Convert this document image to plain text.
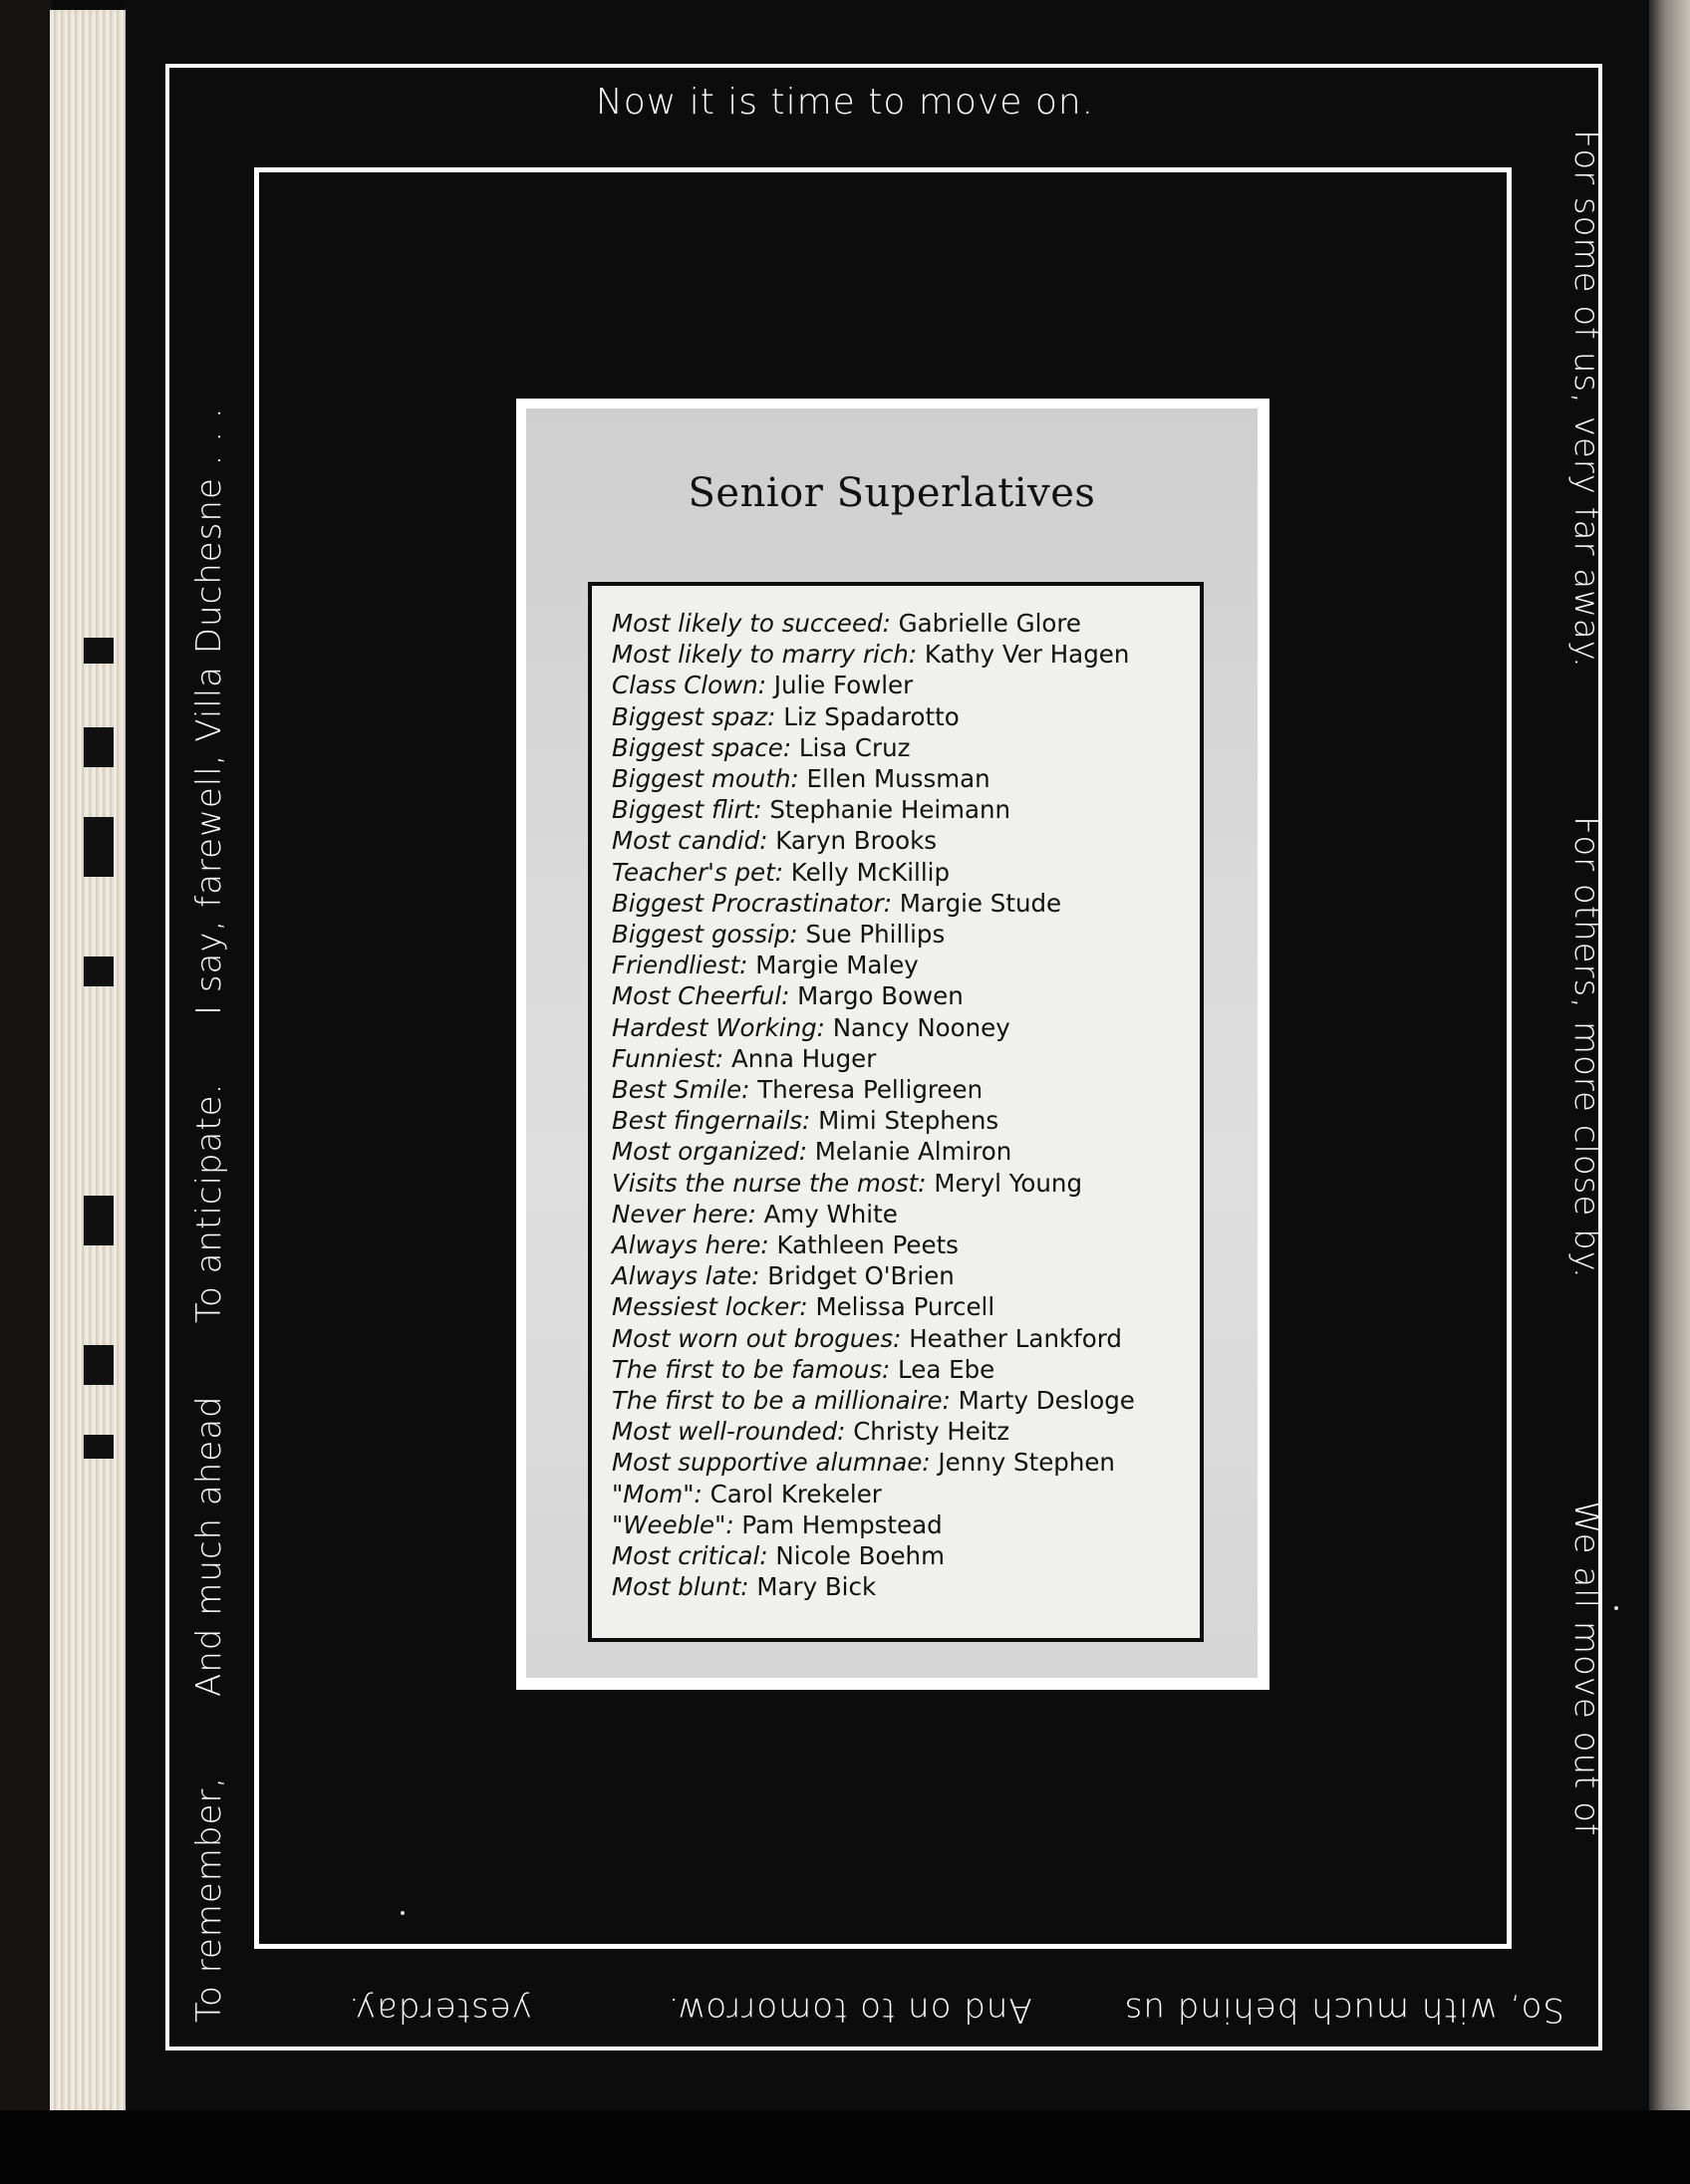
Now it is time to move on.
For some of us, very far away.
For others, more close by.
We all move out of
So, with much behind us
And on to tomorrow.
yesterday.
To remember,
And much ahead
To anticipate.
I say, farewell, Villa Duchesne . . .	Senior Superlatives
Most likely to succeed: Gabrielle Glore
Most likely to marry rich: Kathy Ver Hagen
Class Clown: Julie Fowler
Biggest spaz: Liz Spadarotto
Biggest space: Lisa Cruz
Biggest mouth: Ellen Mussman
Biggest flirt: Stephanie Heimann
Most candid: Karyn Brooks
Teacher's pet: Kelly McKillip
Biggest Procrastinator: Margie Stude
Biggest gossip: Sue Phillips
Friendliest: Margie Maley
Most Cheerful: Margo Bowen
Hardest Working: Nancy Nooney
Funniest: Anna Huger
Best Smile: Theresa Pelligreen
Best fingernails: Mimi Stephens
Most organized: Melanie Almiron
Visits the nurse the most: Meryl Young
Never here: Amy White
Always here: Kathleen Peets
Always late: Bridget O'Brien
Messiest locker: Melissa Purcell
Most worn out brogues: Heather Lankford
The first to be famous: Lea Ebe
The first to be a millionaire: Marty Desloge
Most well-rounded: Christy Heitz
Most supportive alumnae: Jenny Stephen
"Mom": Carol Krekeler
"Weeble": Pam Hempstead
Most critical: Nicole Boehm
Most blunt: Mary Bick
